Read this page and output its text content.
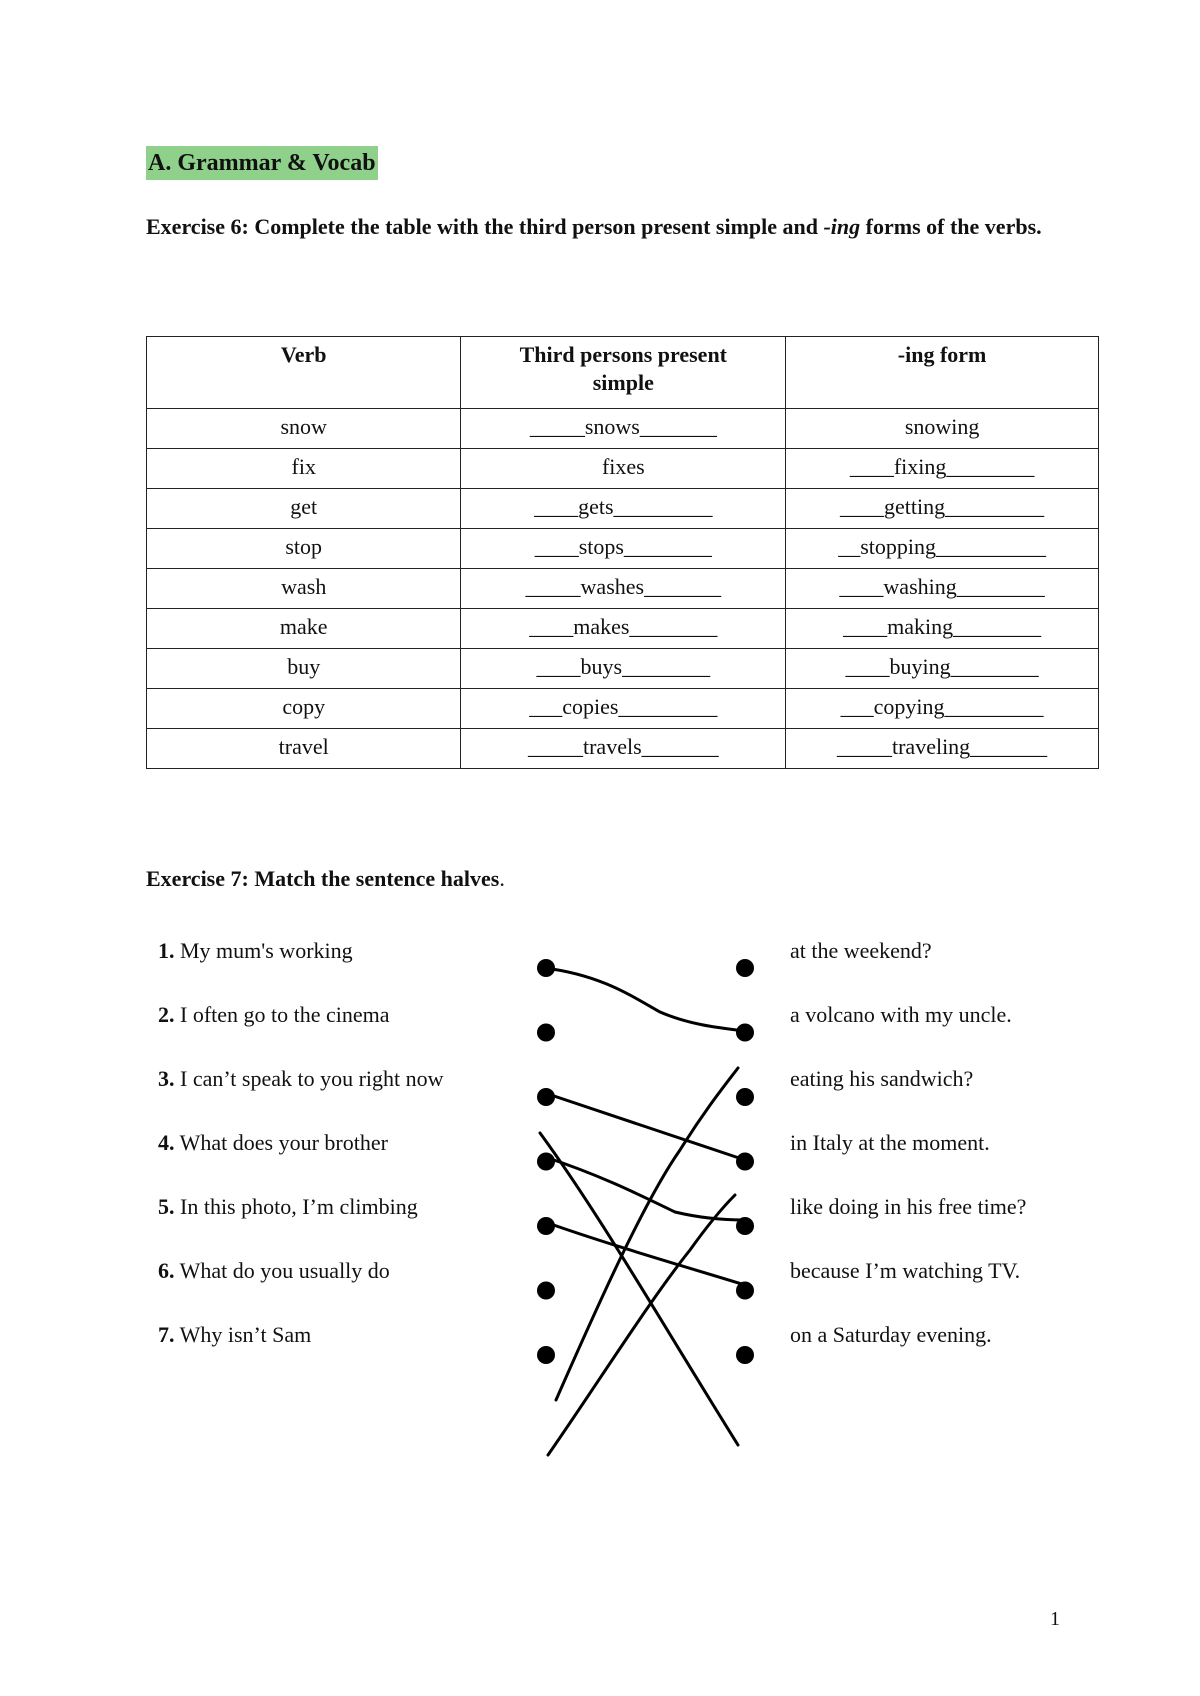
A. Grammar & Vocab
Exercise 6: Complete the table with the third person present simple and -ing forms of the verbs.
Verb	Third persons present simple	-ing form
snow	_____snows_______	snowing
fix	fixes	____fixing________
get	____gets_________	____getting_________
stop	____stops________	__stopping__________
wash	_____washes_______	____washing________
make	____makes________	____making________
buy	____buys________	____buying________
copy	___copies_________	___copying_________
travel	_____travels_______	_____traveling_______
Exercise 7: Match the sentence halves.
1. My mum's working
2. I often go to the cinema
3. I can’t speak to you right now
4. What does your brother
5. In this photo, I’m climbing
6. What do you usually do
7. Why isn’t Sam
at the weekend?
a volcano with my uncle.
eating his sandwich?
in Italy at the moment.
like doing in his free time?
because I’m watching TV.
on a Saturday evening.
1
